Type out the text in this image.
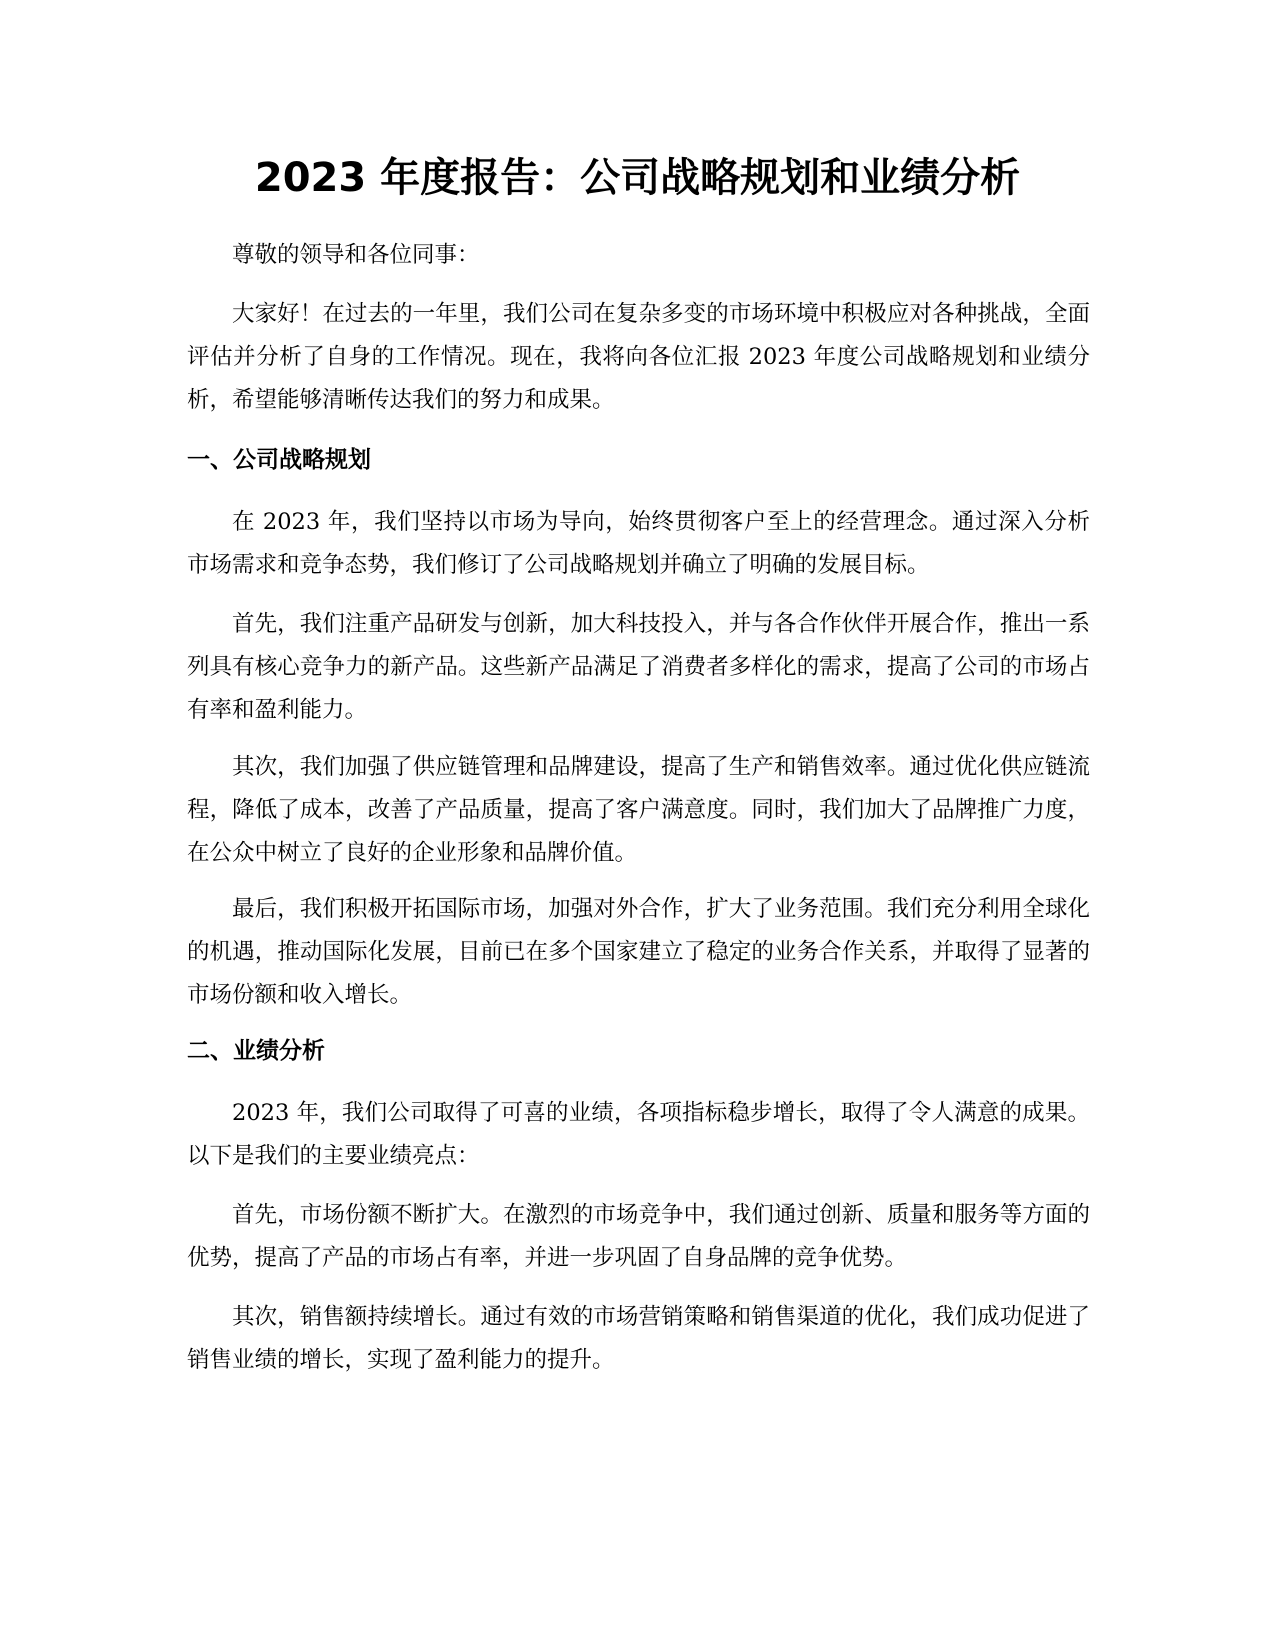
2023 年度报告：公司战略规划和业绩分析

尊敬的领导和各位同事：

大家好！在过去的一年里，我们公司在复杂多变的市场环境中积极应对各种挑战，全面评估并分析了自身的工作情况。现在，我将向各位汇报 2023 年度公司战略规划和业绩分析，希望能够清晰传达我们的努力和成果。

一、公司战略规划

在 2023 年，我们坚持以市场为导向，始终贯彻客户至上的经营理念。通过深入分析市场需求和竞争态势，我们修订了公司战略规划并确立了明确的发展目标。

首先，我们注重产品研发与创新，加大科技投入，并与各合作伙伴开展合作，推出一系列具有核心竞争力的新产品。这些新产品满足了消费者多样化的需求，提高了公司的市场占有率和盈利能力。

其次，我们加强了供应链管理和品牌建设，提高了生产和销售效率。通过优化供应链流程，降低了成本，改善了产品质量，提高了客户满意度。同时，我们加大了品牌推广力度，在公众中树立了良好的企业形象和品牌价值。

最后，我们积极开拓国际市场，加强对外合作，扩大了业务范围。我们充分利用全球化的机遇，推动国际化发展，目前已在多个国家建立了稳定的业务合作关系，并取得了显著的市场份额和收入增长。

二、业绩分析

2023 年，我们公司取得了可喜的业绩，各项指标稳步增长，取得了令人满意的成果。以下是我们的主要业绩亮点：

首先，市场份额不断扩大。在激烈的市场竞争中，我们通过创新、质量和服务等方面的优势，提高了产品的市场占有率，并进一步巩固了自身品牌的竞争优势。

其次，销售额持续增长。通过有效的市场营销策略和销售渠道的优化，我们成功促进了销售业绩的增长，实现了盈利能力的提升。
